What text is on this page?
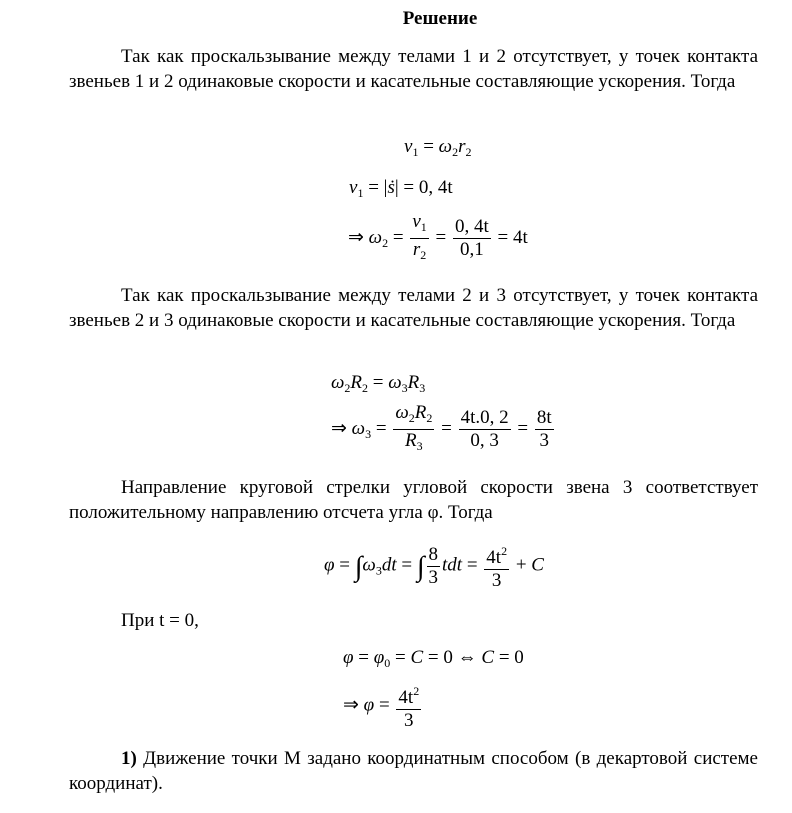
Решение
Так как проскальзывание между телами 1 и 2 отсутствует, у точек контакта звеньев 1 и 2 одинаковые скорости и касательные составляющие ускорения. Тогда
$v_1 = \omega_2r_2$
$v_1$ = |ṡ| = 0, 4t
⇒ $\omega_2 = \frac{v_1}{r_2} = \frac{0, 4t}{0,1} = 4t$
Так как проскальзывание между телами 2 и 3 отсутствует, у точек контакта звеньев 2 и 3 одинаковые скорости и касательные составляющие ускорения. Тогда
$\omega_2R_2 = \omega_3R_3$
⇒ $\omega_3 = \frac{\omega_2R_2}{R_3} = \frac{4t.0, 2}{0, 3} = \frac{8t}{3}$
Направление круговой стрелки угловой скорости звена 3 соответствует положительному направлению отсчета угла φ. Тогда
$\varphi = \int\omega_3dt$ = ∫ $\frac{8}{3}$ tdt = $\frac{4t^2}{3} + C$
При t = 0,
$\varphi = \varphi_0 = C = 0$ ⇔ C = 0
⇒ $\varphi = \frac{4t^2}{3}$
1) Движение точки M задано координатным способом (в декартовой системе координат).
